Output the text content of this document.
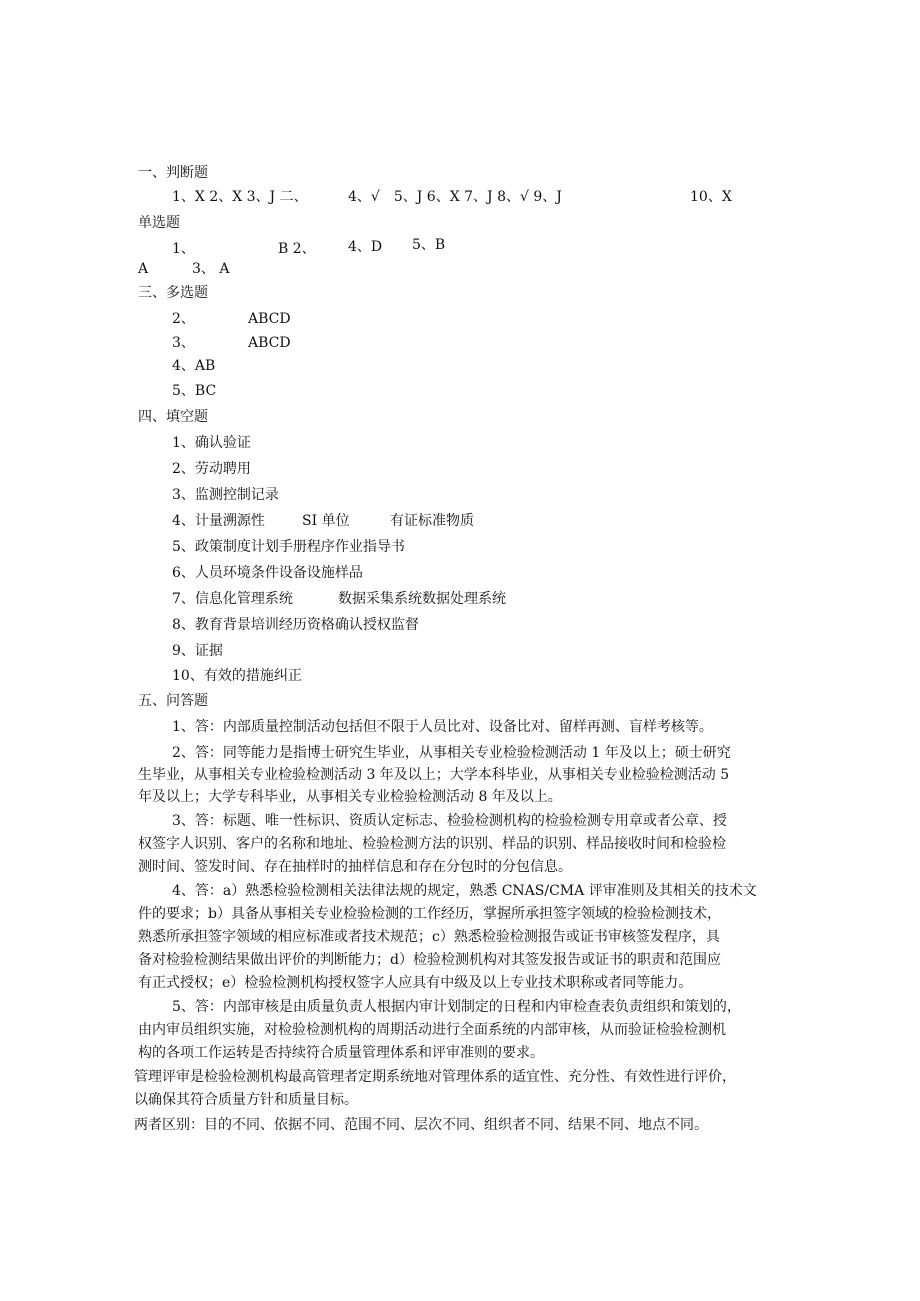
一、判断题
1、X 2、X 3、J 二、	4、√　5、J 6、X 7、J 8、√ 9、J	10、X
单选题
1、	B 2、 4、D 5、B
A	3、 A
三、多选题
2、	ABCD
3、	ABCD
4、AB
5、BC
四、填空题
1、确认验证
2、劳动聘用
3、监测控制记录
4、计量溯源性	SI 单位	有证标准物质
5、政策制度计划手册程序作业指导书
6、人员环境条件设备设施样品
7、信息化管理系统	数据采集系统数据处理系统
8、教育背景培训经历资格确认授权监督
9、证据
10、有效的措施纠正
五、问答题
1、答：内部质量控制活动包括但不限于人员比对、设备比对、留样再测、盲样考核等。
2、答：同等能力是指博士研究生毕业，从事相关专业检验检测活动 1 年及以上；硕士研究
生毕业，从事相关专业检验检测活动 3 年及以上；大学本科毕业，从事相关专业检验检测活动 5
年及以上；大学专科毕业，从事相关专业检验检测活动 8 年及以上。
3、答：标题、唯一性标识、资质认定标志、检验检测机构的检验检测专用章或者公章、授
权签字人识别、客户的名称和地址、检验检测方法的识别、样品的识别、样品接收时间和检验检
测时间、签发时间、存在抽样时的抽样信息和存在分包时的分包信息。
4、答：a）熟悉检验检测相关法律法规的规定，熟悉 CNAS/CMA 评审准则及其相关的技术文
件的要求；b）具备从事相关专业检验检测的工作经历，掌握所承担签字领域的检验检测技术，
熟悉所承担签字领域的相应标准或者技术规范；c）熟悉检验检测报告或证书审核签发程序，具
备对检验检测结果做出评价的判断能力；d）检验检测机构对其签发报告或证书的职责和范围应
有正式授权；e）检验检测机构授权签字人应具有中级及以上专业技术职称或者同等能力。
5、答：内部审核是由质量负责人根据内审计划制定的日程和内审检查表负责组织和策划的，
由内审员组织实施，对检验检测机构的周期活动进行全面系统的内部审核，从而验证检验检测机
构的各项工作运转是否持续符合质量管理体系和评审准则的要求。
管理评审是检验检测机构最高管理者定期系统地对管理体系的适宜性、充分性、有效性进行评价，
以确保其符合质量方针和质量目标。
两者区别：目的不同、依据不同、范围不同、层次不同、组织者不同、结果不同、地点不同。
